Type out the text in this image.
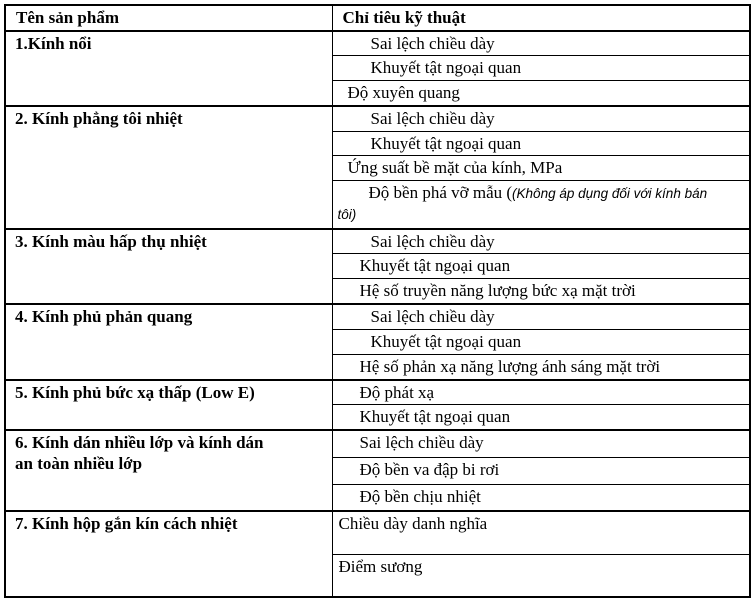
Tên sản phẩm	Chỉ tiêu kỹ thuật
1.Kính nổi	Sai lệch chiều dày
	Khuyết tật ngoại quan
	Độ xuyên quang
2. Kính phẳng tôi nhiệt	Sai lệch chiều dày
	Khuyết tật ngoại quan
	Ứng suất bề mặt của kính, MPa
	Độ bền phá vỡ mẫu ((Không áp dụng đối với kính bán tôi)
3. Kính màu hấp thụ nhiệt	Sai lệch chiều dày
	Khuyết tật ngoại quan
	Hệ số truyền năng lượng bức xạ mặt trời
4. Kính phủ phản quang	Sai lệch chiều dày
	Khuyết tật ngoại quan
	Hệ số phản xạ năng lượng ánh sáng mặt trời
5. Kính phủ bức xạ thấp (Low E)	Độ phát xạ
	Khuyết tật ngoại quan
6. Kính dán nhiều lớp và kính dán an toàn nhiều lớp	Sai lệch chiều dày
	Độ bền va đập bi rơi
	Độ bền chịu nhiệt
7. Kính hộp gắn kín cách nhiệt	Chiều dày danh nghĩa
	Điểm sương
